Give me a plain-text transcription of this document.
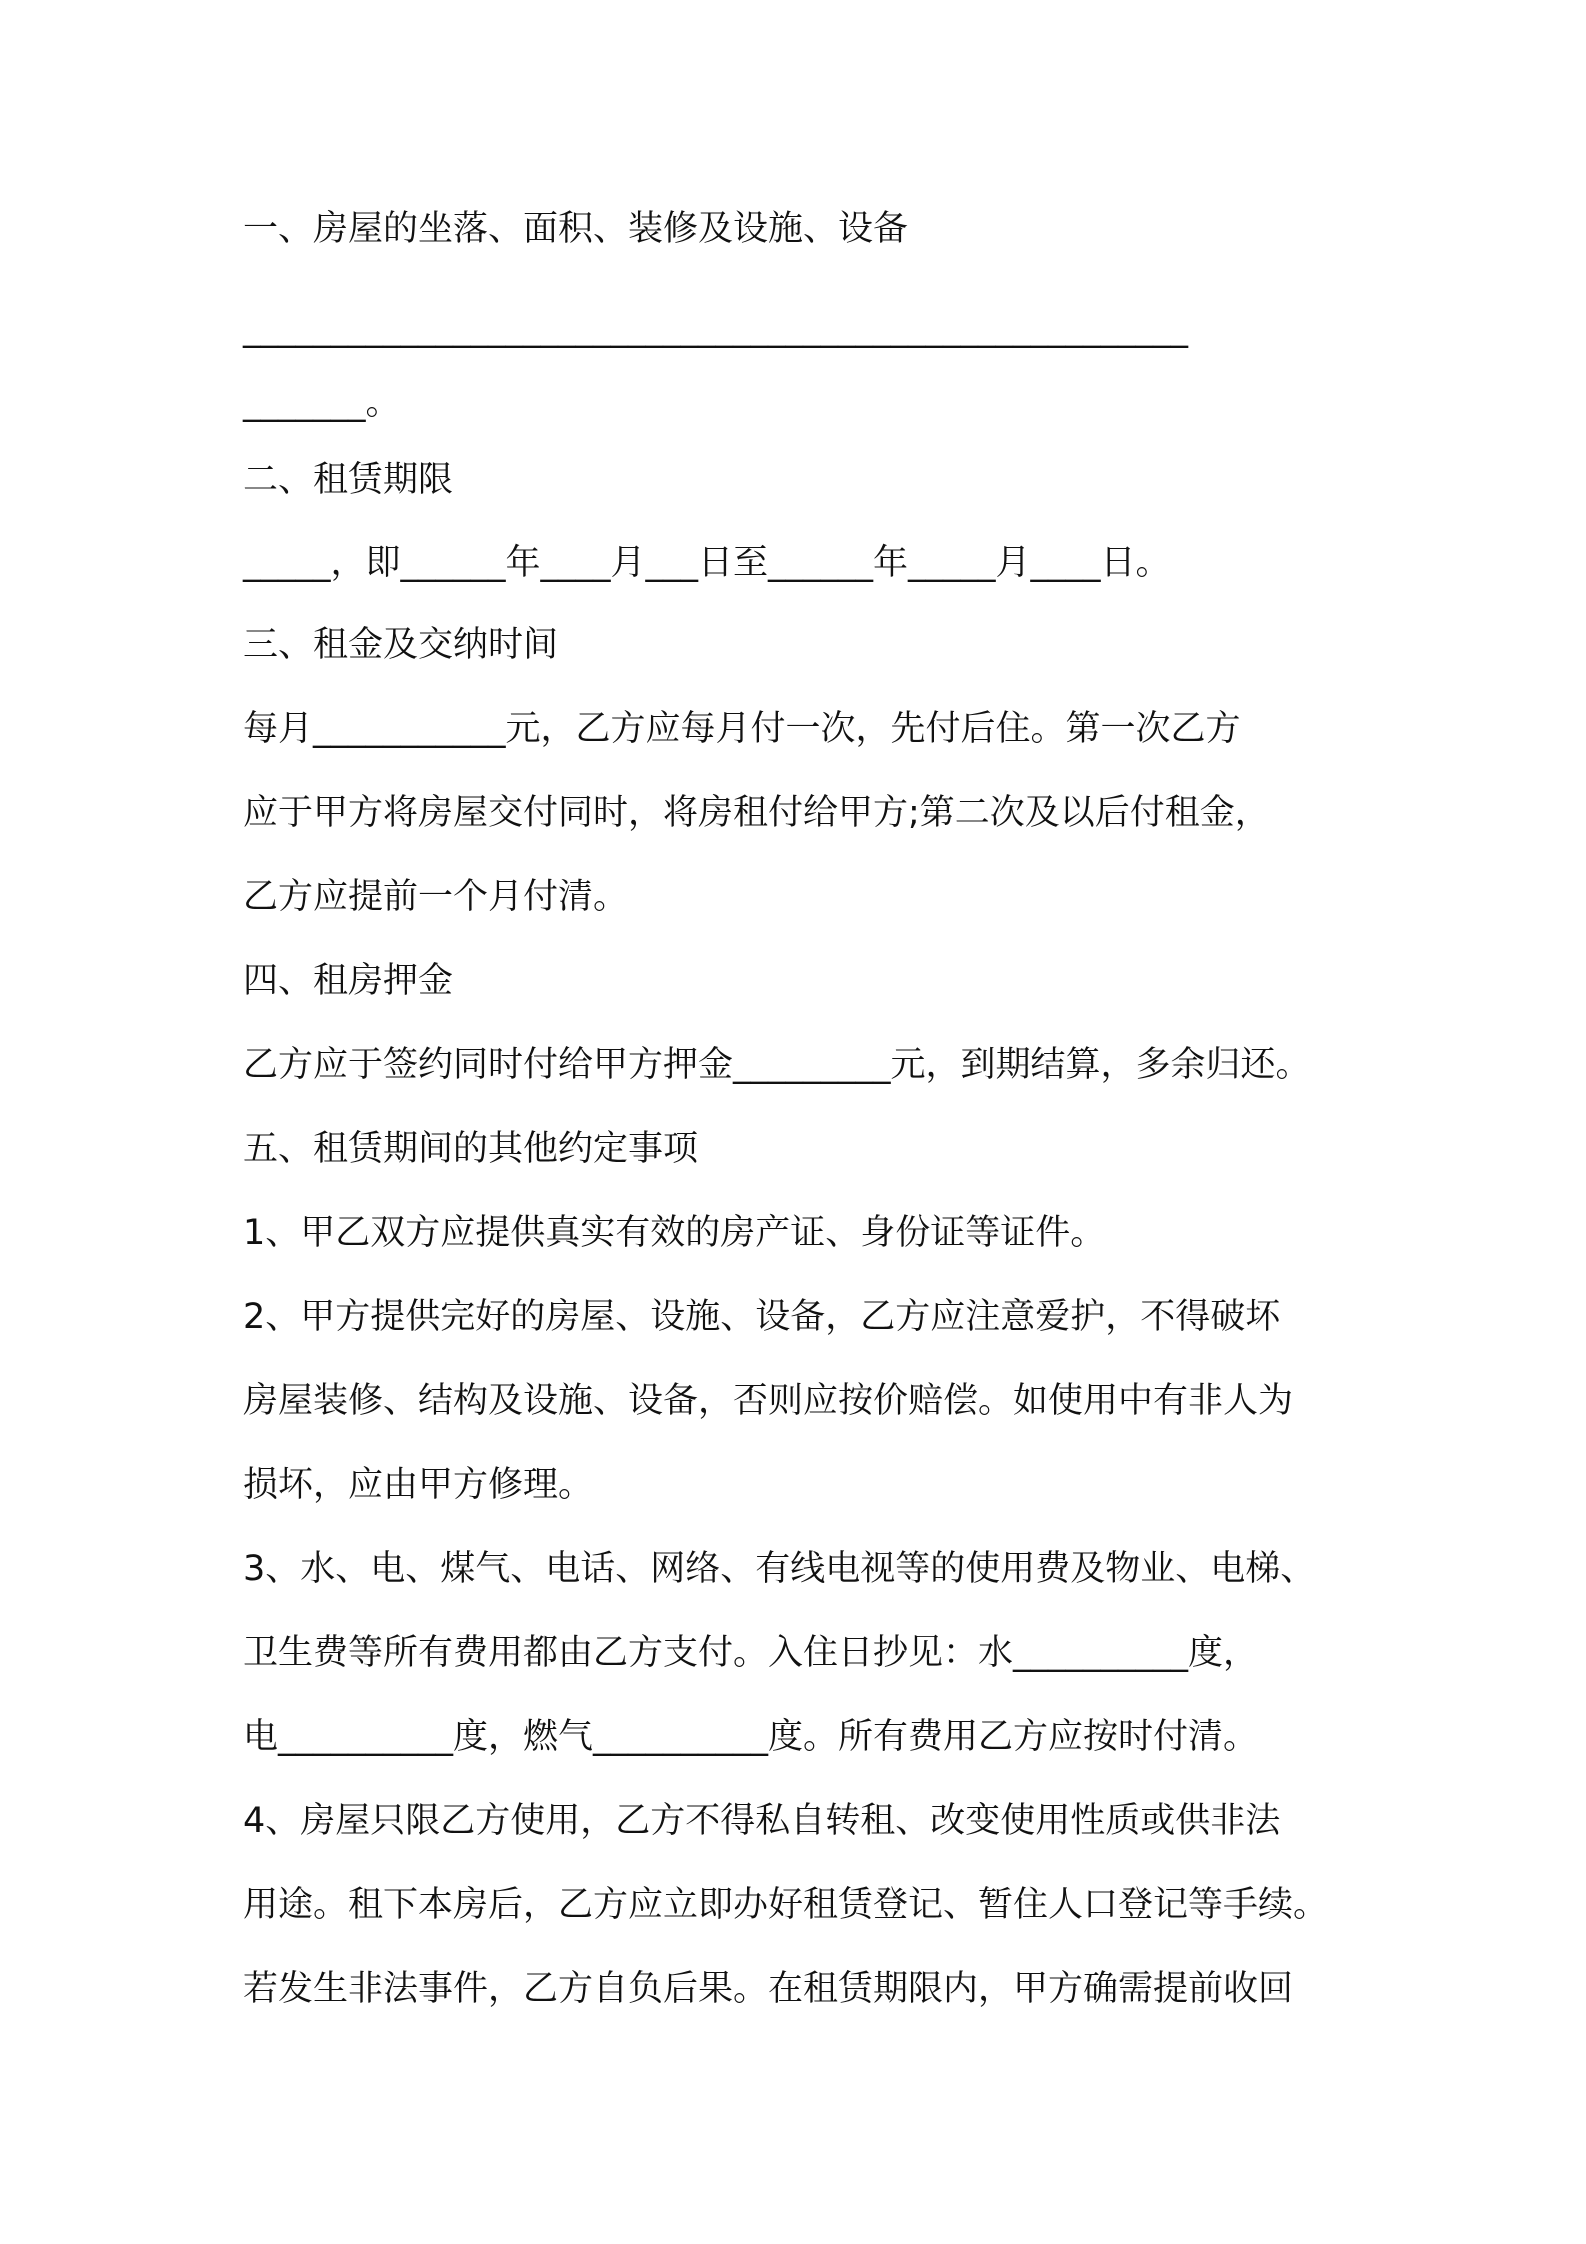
一、房屋的坐落、面积、装修及设施、设备
______________________________________________________
_______。
二、租赁期限
_____，即______年____月___日至______年_____月____日。
三、租金及交纳时间
每月___________元，乙方应每月付一次，先付后住。第一次乙方
应于甲方将房屋交付同时，将房租付给甲方;第二次及以后付租金，
乙方应提前一个月付清。
四、租房押金
乙方应于签约同时付给甲方押金_________元，到期结算，多余归还。
五、租赁期间的其他约定事项
1、甲乙双方应提供真实有效的房产证、身份证等证件。
2、甲方提供完好的房屋、设施、设备，乙方应注意爱护，不得破坏
房屋装修、结构及设施、设备，否则应按价赔偿。如使用中有非人为
损坏，应由甲方修理。
3、水、电、煤气、电话、网络、有线电视等的使用费及物业、电梯、
卫生费等所有费用都由乙方支付。入住日抄见：水__________度，
电__________度，燃气__________度。所有费用乙方应按时付清。
4、房屋只限乙方使用，乙方不得私自转租、改变使用性质或供非法
用途。租下本房后，乙方应立即办好租赁登记、暂住人口登记等手续。
若发生非法事件，乙方自负后果。在租赁期限内，甲方确需提前收回
